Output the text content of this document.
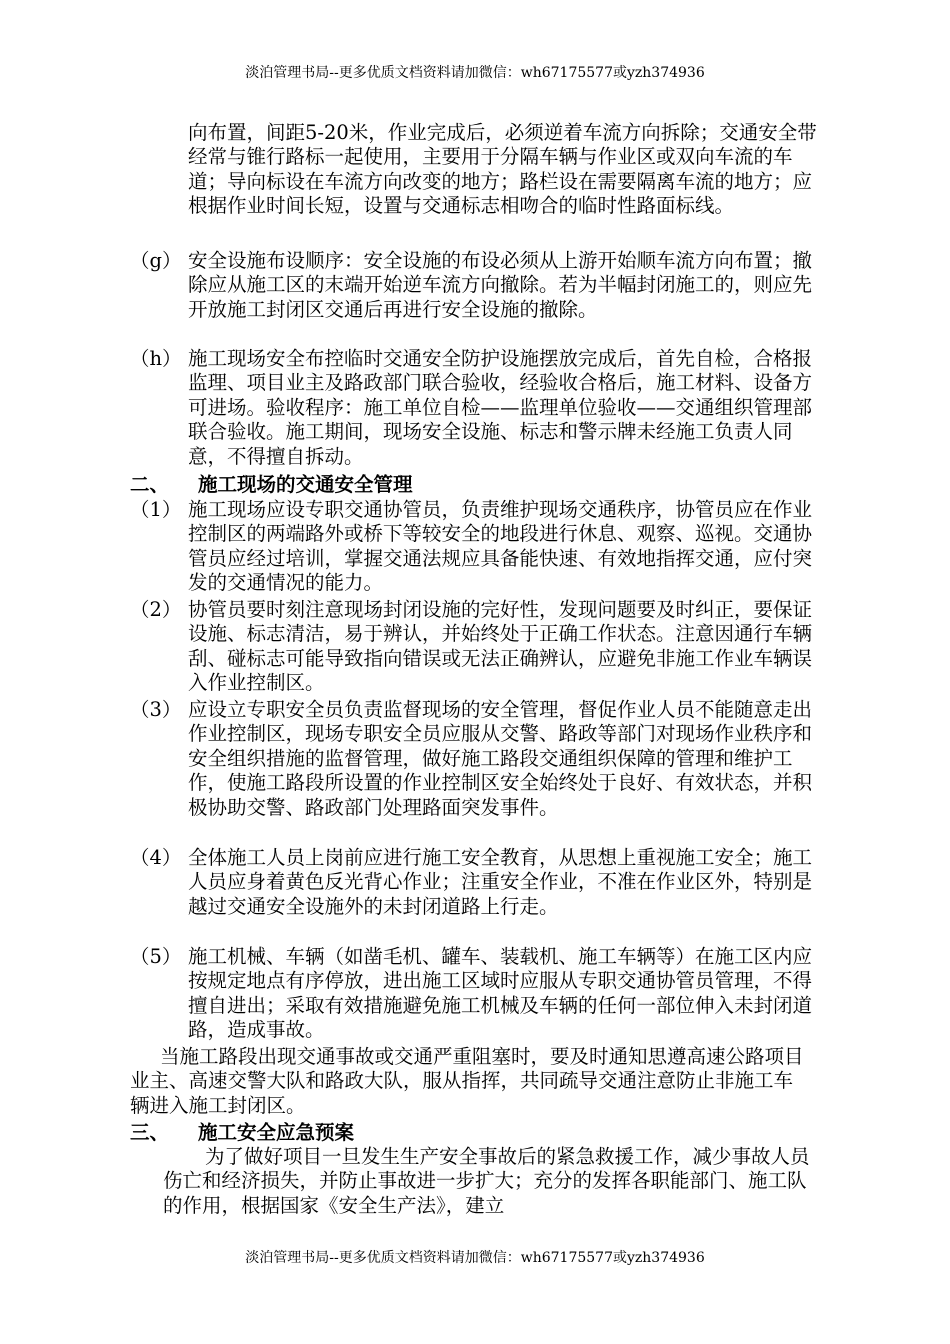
淡泊管理书局--更多优质文档资料请加微信：wh67175577或yzh374936
向布置，间距5-20米，作业完成后，必须逆着车流方向拆除；交通安全带经常与锥行路标一起使用，主要用于分隔车辆与作业区或双向车流的车道；导向标设在车流方向改变的地方；路栏设在需要隔离车流的地方；应根据作业时间长短，设置与交通标志相吻合的临时性路面标线。
（g） 安全设施布设顺序：安全设施的布设必须从上游开始顺车流方向布置；撤除应从施工区的末端开始逆车流方向撤除。若为半幅封闭施工的，则应先开放施工封闭区交通后再进行安全设施的撤除。
（h） 施工现场安全布控临时交通安全防护设施摆放完成后，首先自检，合格报监理、项目业主及路政部门联合验收，经验收合格后，施工材料、设备方可进场。验收程序：施工单位自检——监理单位验收——交通组织管理部联合验收。施工期间，现场安全设施、标志和警示牌未经施工负责人同意，不得擅自拆动。
二、 施工现场的交通安全管理
（1） 施工现场应设专职交通协管员，负责维护现场交通秩序，协管员应在作业控制区的两端路外或桥下等较安全的地段进行休息、观察、巡视。交通协管员应经过培训，掌握交通法规应具备能快速、有效地指挥交通，应付突发的交通情况的能力。
（2） 协管员要时刻注意现场封闭设施的完好性，发现问题要及时纠正，要保证设施、标志清洁，易于辨认，并始终处于正确工作状态。注意因通行车辆刮、碰标志可能导致指向错误或无法正确辨认，应避免非施工作业车辆误入作业控制区。
（3） 应设立专职安全员负责监督现场的安全管理，督促作业人员不能随意走出作业控制区，现场专职安全员应服从交警、路政等部门对现场作业秩序和安全组织措施的监督管理，做好施工路段交通组织保障的管理和维护工作，使施工路段所设置的作业控制区安全始终处于良好、有效状态，并积极协助交警、路政部门处理路面突发事件。
（4） 全体施工人员上岗前应进行施工安全教育，从思想上重视施工安全；施工人员应身着黄色反光背心作业；注重安全作业，不准在作业区外，特别是越过交通安全设施外的未封闭道路上行走。
（5） 施工机械、车辆（如凿毛机、罐车、装载机、施工车辆等）在施工区内应按规定地点有序停放，进出施工区域时应服从专职交通协管员管理，不得擅自进出；采取有效措施避免施工机械及车辆的任何一部位伸入未封闭道路，造成事故。
当施工路段出现交通事故或交通严重阻塞时，要及时通知思遵高速公路项目业主、高速交警大队和路政大队，服从指挥，共同疏导交通注意防止非施工车辆进入施工封闭区。
三、 施工安全应急预案
为了做好项目一旦发生生产安全事故后的紧急救援工作，减少事故人员伤亡和经济损失，并防止事故进一步扩大；充分的发挥各职能部门、施工队的作用，根据国家《安全生产法》，建立
淡泊管理书局--更多优质文档资料请加微信：wh67175577或yzh374936
